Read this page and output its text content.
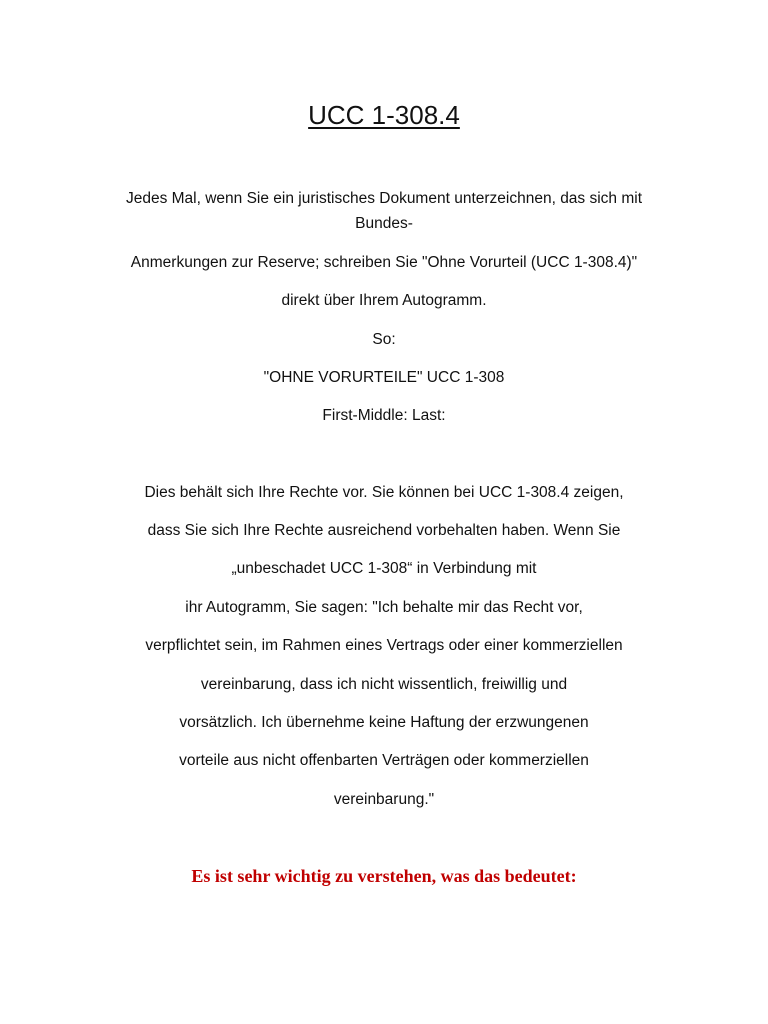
UCC 1-308.4
Jedes Mal, wenn Sie ein juristisches Dokument unterzeichnen, das sich mit
Bundes-
Anmerkungen zur Reserve; schreiben Sie "Ohne Vorurteil (UCC 1-308.4)"
direkt über Ihrem Autogramm.
So:
"OHNE VORURTEILE" UCC 1-308
First-Middle: Last:
Dies behält sich Ihre Rechte vor. Sie können bei UCC 1-308.4 zeigen,
dass Sie sich Ihre Rechte ausreichend vorbehalten haben. Wenn Sie
„unbeschadet UCC 1-308“ in Verbindung mit
ihr Autogramm, Sie sagen: "Ich behalte mir das Recht vor,
verpflichtet sein, im Rahmen eines Vertrags oder einer kommerziellen
vereinbarung, dass ich nicht wissentlich, freiwillig und
vorsätzlich. Ich übernehme keine Haftung der erzwungenen
vorteile aus nicht offenbarten Verträgen oder kommerziellen
vereinbarung."
Es ist sehr wichtig zu verstehen, was das bedeutet:
